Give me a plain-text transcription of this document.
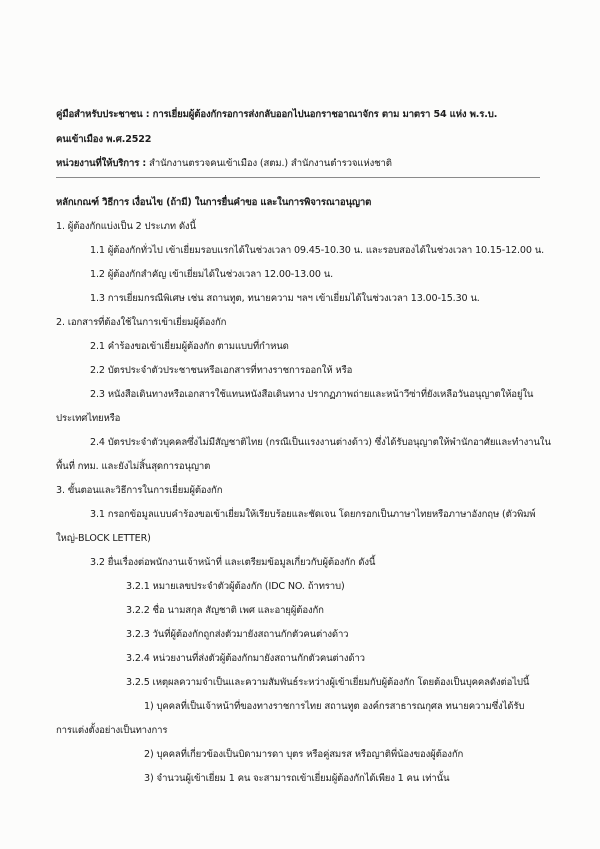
คู่มือสำหรับประชาชน : การเยี่ยมผู้ต้องกักรอการส่งกลับออกไปนอกราชอาณาจักร ตาม มาตรา 54 แห่ง พ.ร.บ.
คนเข้าเมือง พ.ศ.2522
หน่วยงานที่ให้บริการ : สำนักงานตรวจคนเข้าเมือง (สตม.) สำนักงานตำรวจแห่งชาติ
หลักเกณฑ์ วิธีการ เงื่อนไข (ถ้ามี) ในการยื่นคำขอ และในการพิจารณาอนุญาต
1. ผู้ต้องกักแบ่งเป็น 2 ประเภท ดังนี้
1.1 ผู้ต้องกักทั่วไป เข้าเยี่ยมรอบแรกได้ในช่วงเวลา 09.45-10.30 น. และรอบสองได้ในช่วงเวลา 10.15-12.00 น.
1.2 ผู้ต้องกักสำคัญ เข้าเยี่ยมได้ในช่วงเวลา 12.00-13.00 น.
1.3 การเยี่ยมกรณีพิเศษ เช่น สถานทูต, ทนายความ ฯลฯ เข้าเยี่ยมได้ในช่วงเวลา 13.00-15.30 น.
2. เอกสารที่ต้องใช้ในการเข้าเยี่ยมผู้ต้องกัก
2.1 คำร้องขอเข้าเยี่ยมผู้ต้องกัก ตามแบบที่กำหนด
2.2 บัตรประจำตัวประชาชนหรือเอกสารที่ทางราชการออกให้ หรือ
2.3 หนังสือเดินทางหรือเอกสารใช้แทนหนังสือเดินทาง ปรากฏภาพถ่ายและหน้าวีซ่าที่ยังเหลือวันอนุญาตให้อยู่ใน
ประเทศไทยหรือ
2.4 บัตรประจำตัวบุคคลซึ่งไม่มีสัญชาติไทย (กรณีเป็นแรงงานต่างด้าว) ซึ่งได้รับอนุญาตให้พำนักอาศัยและทำงานใน
พื้นที่ กทม. และยังไม่สิ้นสุดการอนุญาต
3. ขั้นตอนและวิธีการในการเยี่ยมผู้ต้องกัก
3.1 กรอกข้อมูลแบบคำร้องขอเข้าเยี่ยมให้เรียบร้อยและชัดเจน โดยกรอกเป็นภาษาไทยหรือภาษาอังกฤษ (ตัวพิมพ์
ใหญ่-BLOCK LETTER)
3.2 ยื่นเรื่องต่อพนักงานเจ้าหน้าที่ และเตรียมข้อมูลเกี่ยวกับผู้ต้องกัก ดังนี้
3.2.1 หมายเลขประจำตัวผู้ต้องกัก (IDC NO. ถ้าทราบ)
3.2.2 ชื่อ นามสกุล สัญชาติ เพศ และอายุผู้ต้องกัก
3.2.3 วันที่ผู้ต้องกักถูกส่งตัวมายังสถานกักตัวคนต่างด้าว
3.2.4 หน่วยงานที่ส่งตัวผู้ต้องกักมายังสถานกักตัวคนต่างด้าว
3.2.5 เหตุผลความจำเป็นและความสัมพันธ์ระหว่างผู้เข้าเยี่ยมกับผู้ต้องกัก โดยต้องเป็นบุคคลดังต่อไปนี้
1) บุคคลที่เป็นเจ้าหน้าที่ของทางราชการไทย สถานทูต องค์กรสาธารณกุศล ทนายความซึ่งได้รับ
การแต่งตั้งอย่างเป็นทางการ
2) บุคคลที่เกี่ยวข้องเป็นบิดามารดา บุตร หรือคู่สมรส หรือญาติพี่น้องของผู้ต้องกัก
3) จำนวนผู้เข้าเยี่ยม 1 คน จะสามารถเข้าเยี่ยมผู้ต้องกักได้เพียง 1 คน เท่านั้น
